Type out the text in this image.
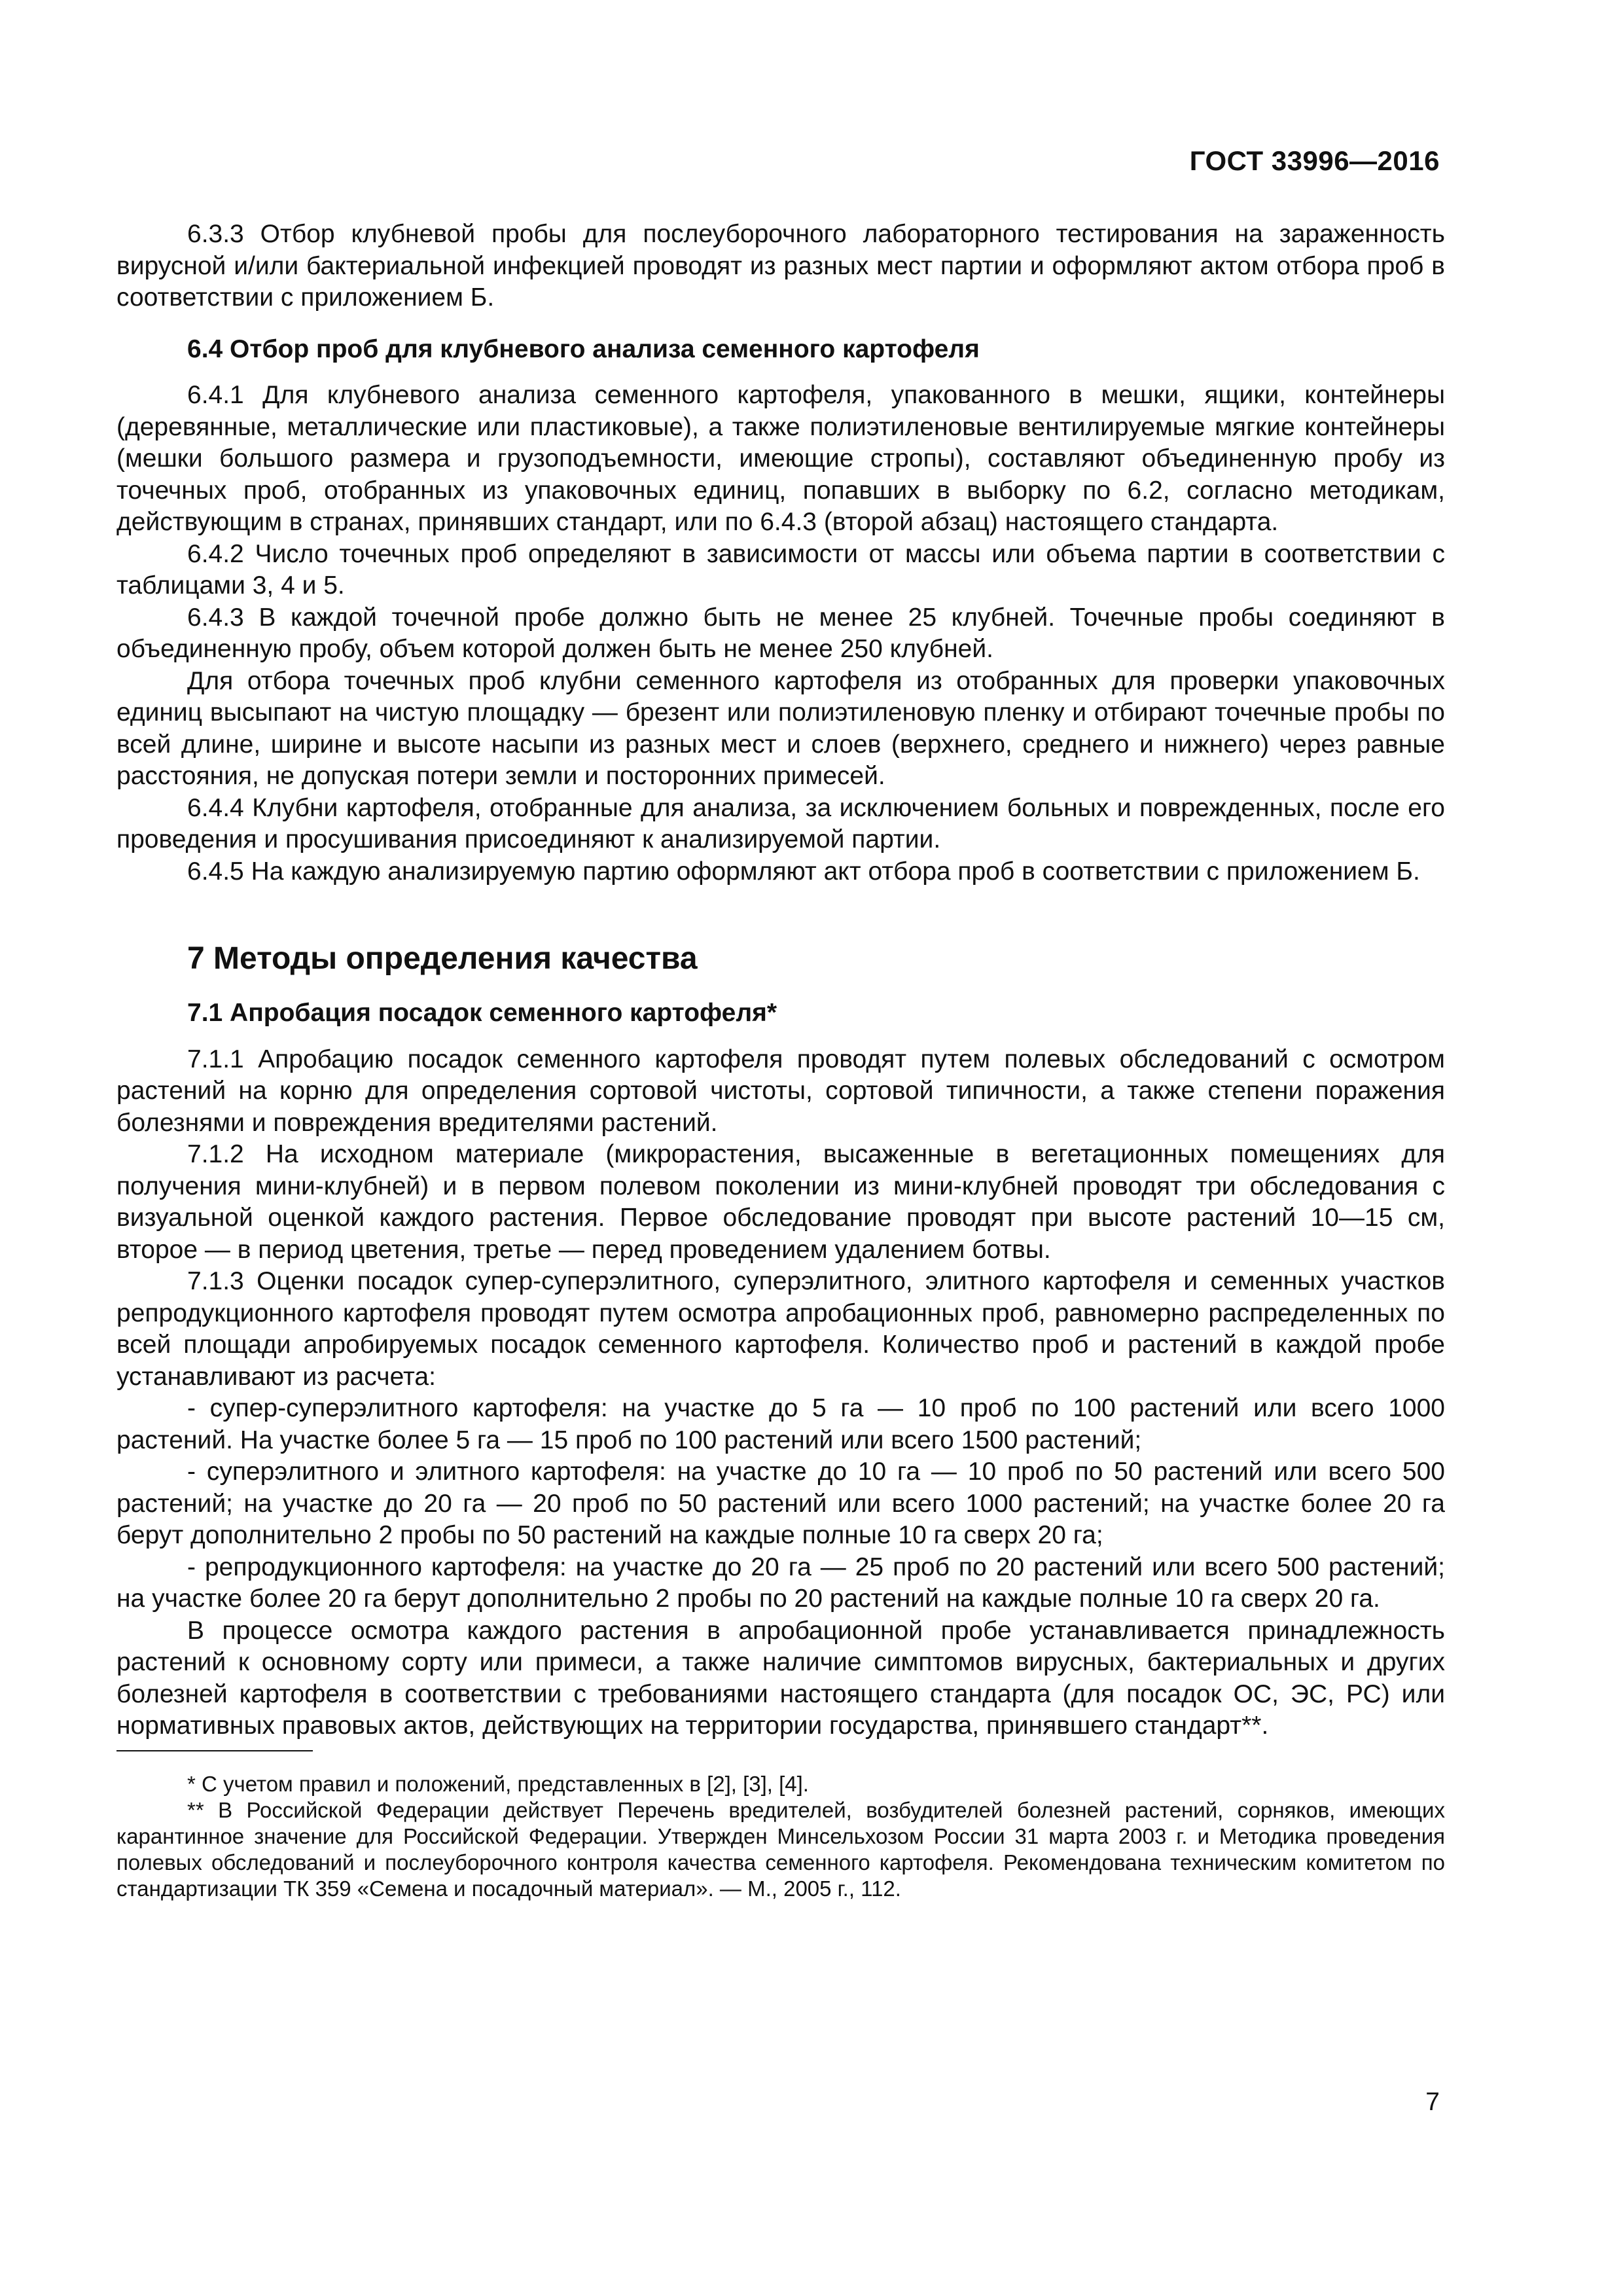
ГОСТ 33996—2016

6.3.3 Отбор клубневой пробы для послеуборочного лабораторного тестирования на зараженность вирусной и/или бактериальной инфекцией проводят из разных мест партии и оформляют актом отбора проб в соответствии с приложением Б.

6.4 Отбор проб для клубневого анализа семенного картофеля

6.4.1 Для клубневого анализа семенного картофеля, упакованного в мешки, ящики, контейнеры (деревянные, металлические или пластиковые), а также полиэтиленовые вентилируемые мягкие контейнеры (мешки большого размера и грузоподъемности, имеющие стропы), составляют объединенную пробу из точечных проб, отобранных из упаковочных единиц, попавших в выборку по 6.2, согласно методикам, действующим в странах, принявших стандарт, или по 6.4.3 (второй абзац) настоящего стандарта.

6.4.2 Число точечных проб определяют в зависимости от массы или объема партии в соответствии с таблицами 3, 4 и 5.

6.4.3 В каждой точечной пробе должно быть не менее 25 клубней. Точечные пробы соединяют в объединенную пробу, объем которой должен быть не менее 250 клубней.

Для отбора точечных проб клубни семенного картофеля из отобранных для проверки упаковочных единиц высыпают на чистую площадку — брезент или полиэтиленовую пленку и отбирают точечные пробы по всей длине, ширине и высоте насыпи из разных мест и слоев (верхнего, среднего и нижнего) через равные расстояния, не допуская потери земли и посторонних примесей.

6.4.4 Клубни картофеля, отобранные для анализа, за исключением больных и поврежденных, после его проведения и просушивания присоединяют к анализируемой партии.

6.4.5 На каждую анализируемую партию оформляют акт отбора проб в соответствии с приложением Б.

7 Методы определения качества
7.1 Апробация посадок семенного картофеля*

7.1.1 Апробацию посадок семенного картофеля проводят путем полевых обследований с осмотром растений на корню для определения сортовой чистоты, сортовой типичности, а также степени поражения болезнями и повреждения вредителями растений.

7.1.2 На исходном материале (микрорастения, высаженные в вегетационных помещениях для получения мини-клубней) и в первом полевом поколении из мини-клубней проводят три обследования с визуальной оценкой каждого растения. Первое обследование проводят при высоте растений 10—15 см, второе — в период цветения, третье — перед проведением удалением ботвы.

7.1.3 Оценки посадок супер-суперэлитного, суперэлитного, элитного картофеля и семенных участков репродукционного картофеля проводят путем осмотра апробационных проб, равномерно распределенных по всей площади апробируемых посадок семенного картофеля. Количество проб и растений в каждой пробе устанавливают из расчета:

- супер-суперэлитного картофеля: на участке до 5 га — 10 проб по 100 растений или всего 1000 растений. На участке более 5 га — 15 проб по 100 растений или всего 1500 растений;

- суперэлитного и элитного картофеля: на участке до 10 га — 10 проб по 50 растений или всего 500 растений; на участке до 20 га — 20 проб по 50 растений или всего 1000 растений; на участке более 20 га берут дополнительно 2 пробы по 50 растений на каждые полные 10 га сверх 20 га;

- репродукционного картофеля: на участке до 20 га — 25 проб по 20 растений или всего 500 растений; на участке более 20 га берут дополнительно 2 пробы по 20 растений на каждые полные 10 га сверх 20 га.

В процессе осмотра каждого растения в апробационной пробе устанавливается принадлежность растений к основному сорту или примеси, а также наличие симптомов вирусных, бактериальных и других болезней картофеля в соответствии с требованиями настоящего стандарта (для посадок ОС, ЭС, РС) или нормативных правовых актов, действующих на территории государства, принявшего стандарт**.

* С учетом правил и положений, представленных в [2], [3], [4].

** В Российской Федерации действует Перечень вредителей, возбудителей болезней растений, сорняков, имеющих карантинное значение для Российской Федерации. Утвержден Минсельхозом России 31 марта 2003 г. и Методика проведения полевых обследований и послеуборочного контроля качества семенного картофеля. Рекомендована техническим комитетом по стандартизации ТК 359 «Семена и посадочный материал». — М., 2005 г., 112.

7
